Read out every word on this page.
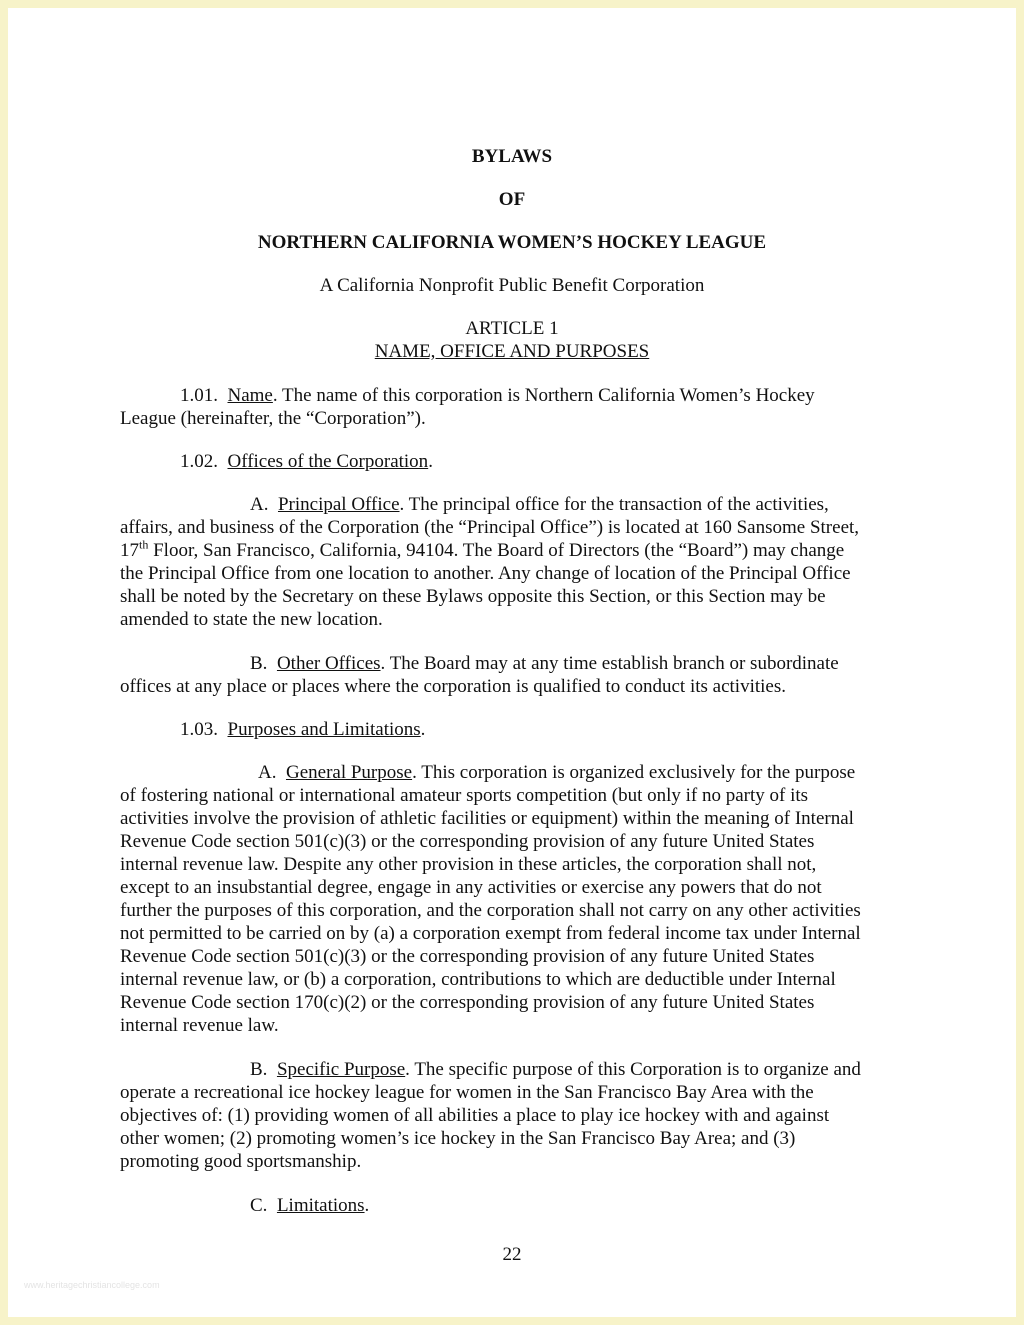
BYLAWS
OF
NORTHERN CALIFORNIA WOMEN’S HOCKEY LEAGUE
A California Nonprofit Public Benefit Corporation
ARTICLE 1
NAME, OFFICE AND PURPOSES
1.01. Name. The name of this corporation is Northern California Women’s Hockey
League (hereinafter, the “Corporation”).
1.02. Offices of the Corporation.
A. Principal Office. The principal office for the transaction of the activities,
affairs, and business of the Corporation (the “Principal Office”) is located at 160 Sansome Street,
17th Floor, San Francisco, California, 94104. The Board of Directors (the “Board”) may change
the Principal Office from one location to another. Any change of location of the Principal Office
shall be noted by the Secretary on these Bylaws opposite this Section, or this Section may be
amended to state the new location.
B. Other Offices. The Board may at any time establish branch or subordinate
offices at any place or places where the corporation is qualified to conduct its activities.
1.03. Purposes and Limitations.
A. General Purpose. This corporation is organized exclusively for the purpose
of fostering national or international amateur sports competition (but only if no party of its
activities involve the provision of athletic facilities or equipment) within the meaning of Internal
Revenue Code section 501(c)(3) or the corresponding provision of any future United States
internal revenue law. Despite any other provision in these articles, the corporation shall not,
except to an insubstantial degree, engage in any activities or exercise any powers that do not
further the purposes of this corporation, and the corporation shall not carry on any other activities
not permitted to be carried on by (a) a corporation exempt from federal income tax under Internal
Revenue Code section 501(c)(3) or the corresponding provision of any future United States
internal revenue law, or (b) a corporation, contributions to which are deductible under Internal
Revenue Code section 170(c)(2) or the corresponding provision of any future United States
internal revenue law.
B. Specific Purpose. The specific purpose of this Corporation is to organize and
operate a recreational ice hockey league for women in the San Francisco Bay Area with the
objectives of: (1) providing women of all abilities a place to play ice hockey with and against
other women; (2) promoting women’s ice hockey in the San Francisco Bay Area; and (3)
promoting good sportsmanship.
C. Limitations.
22
www.heritagechristiancollege.com
